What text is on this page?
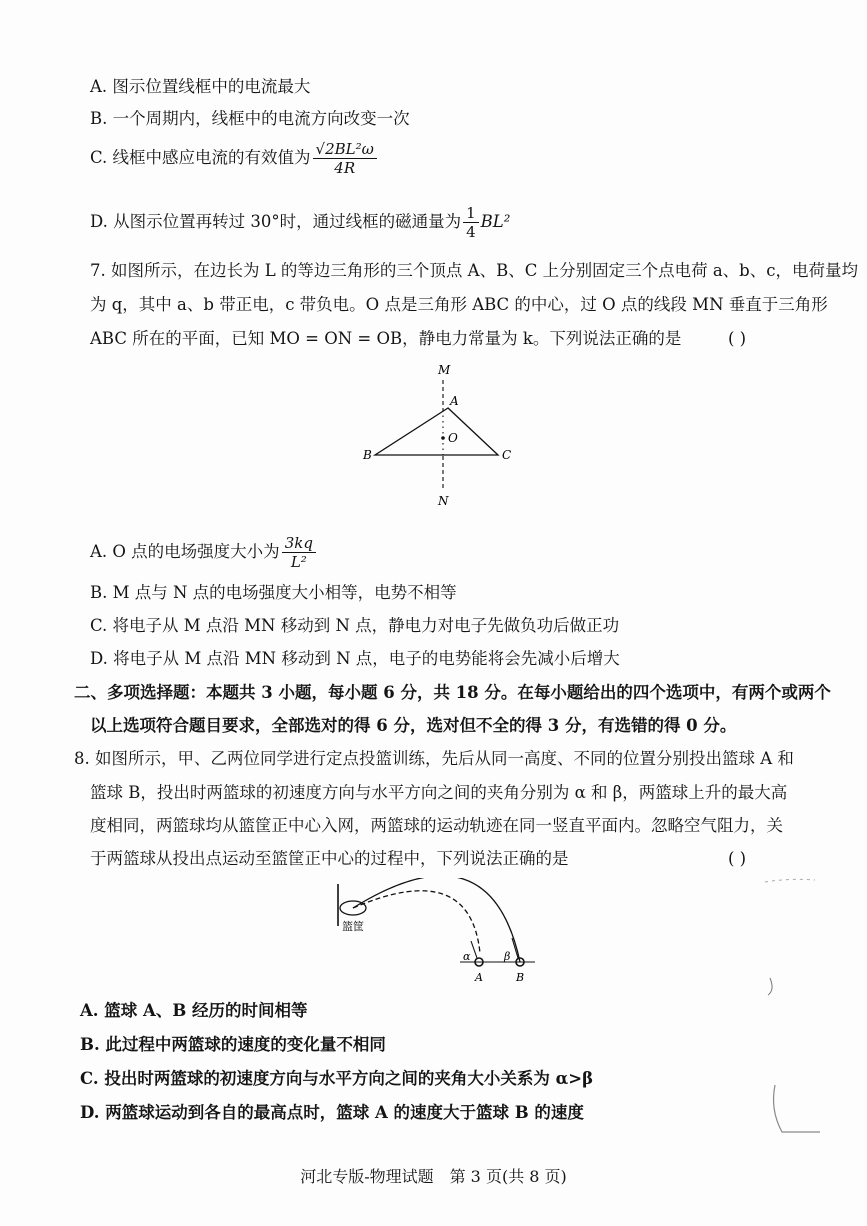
A. 图示位置线框中的电流最大
B. 一个周期内，线框中的电流方向改变一次
C. 线框中感应电流的有效值为 $\frac{\text{√2BL²ω}}{4R}$
D. 从图示位置再转过 30°时，通过线框的磁通量为 $\frac{1}{4} BL^2$
7. 如图所示，在边长为 L 的等边三角形的三个顶点 A、B、C 上分别固定三个点电荷 a、b、c，电荷量均
为 q，其中 a、b 带正电，c 带负电。O 点是三角形 ABC 的中心，过 O 点的线段 MN 垂直于三角形
ABC 所在的平面，已知 MO = ON = OB，静电力常量为 k。下列说法正确的是	( )
M
A
O
B	C
N
A. O 点的电场强度大小为 $\frac{3kq}{\text{L²}}$
B. M 点与 N 点的电场强度大小相等，电势不相等
C. 将电子从 M 点沿 MN 移动到 N 点，静电力对电子先做负功后做正功
D. 将电子从 M 点沿 MN 移动到 N 点，电子的电势能将会先减小后增大
二、多项选择题：本题共 3 小题，每小题 6 分，共 18 分。在每小题给出的四个选项中，有两个或两个
以上选项符合题目要求，全部选对的得 6 分，选对但不全的得 3 分，有选错的得 0 分。
8. 如图所示，甲、乙两位同学进行定点投篮训练，先后从同一高度、不同的位置分别投出篮球 A 和
篮球 B，投出时两篮球的初速度方向与水平方向之间的夹角分别为 α 和 β，两篮球上升的最大高
度相同，两篮球均从篮筐正中心入网，两篮球的运动轨迹在同一竖直平面内。忽略空气阻力，关
于两篮球从投出点运动至篮筐正中心的过程中，下列说法正确的是	( )
篮筐
α	β
A	B
A. 篮球 A、B 经历的时间相等
B. 此过程中两篮球的速度的变化量不相同
C. 投出时两篮球的初速度方向与水平方向之间的夹角大小关系为 α>β
D. 两篮球运动到各自的最高点时，篮球 A 的速度大于篮球 B 的速度
河北专版-物理试题　第 3 页(共 8 页)
